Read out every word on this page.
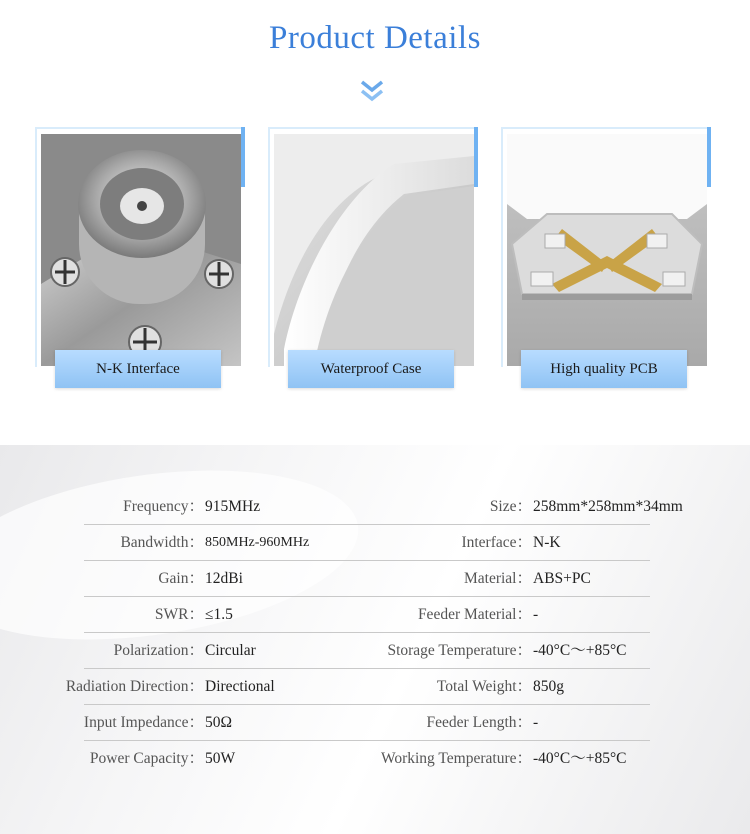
Product Details
N-K Interface	Waterproof Case	High quality PCB
Frequency： 915MHz	Size： 258mm*258mm*34mm
Bandwidth： 850MHz-960MHz	Interface： N-K
Gain： 12dBi	Material： ABS+PC
SWR： ≤1.5	Feeder Material： -
Polarization： Circular	Storage Temperature： -40°C～+85°C
Radiation Direction： Directional	Total Weight： 850g
Input Impedance： 50Ω	Feeder Length： -
Power Capacity： 50W	Working Temperature： -40°C～+85°C
